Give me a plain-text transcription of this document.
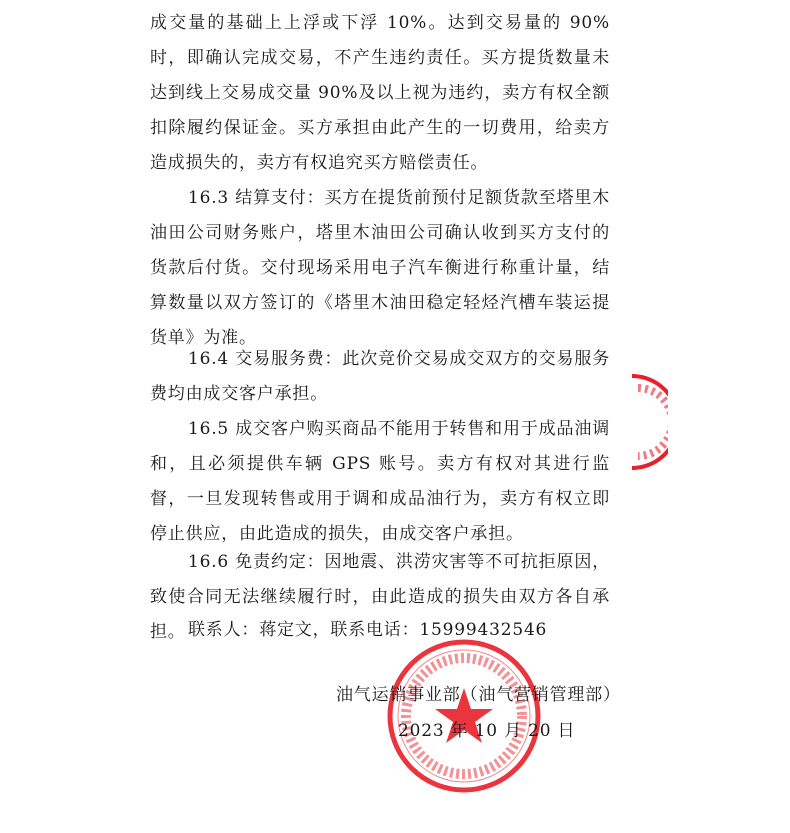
成交量的基础上上浮或下浮 10%。达到交易量的 90%时，即确认完成交易，不产生违约责任。买方提货数量未达到线上交易成交量 90%及以上视为违约，卖方有权全额扣除履约保证金。买方承担由此产生的一切费用，给卖方造成损失的，卖方有权追究买方赔偿责任。

16.3 结算支付：买方在提货前预付足额货款至塔里木油田公司财务账户，塔里木油田公司确认收到买方支付的货款后付货。交付现场采用电子汽车衡进行称重计量，结算数量以双方签订的《塔里木油田稳定轻烃汽槽车装运提货单》为准。

16.4 交易服务费：此次竞价交易成交双方的交易服务费均由成交客户承担。

16.5 成交客户购买商品不能用于转售和用于成品油调和，且必须提供车辆 GPS 账号。卖方有权对其进行监督，一旦发现转售或用于调和成品油行为，卖方有权立即停止供应，由此造成的损失，由成交客户承担。

16.6 免责约定：因地震、洪涝灾害等不可抗拒原因，致使合同无法继续履行时，由此造成的损失由双方各自承担。 联系人：蒋定文，联系电话：15999432546
油气运销事业部（油气营销管理部）
2023 年 10 月 20 日
